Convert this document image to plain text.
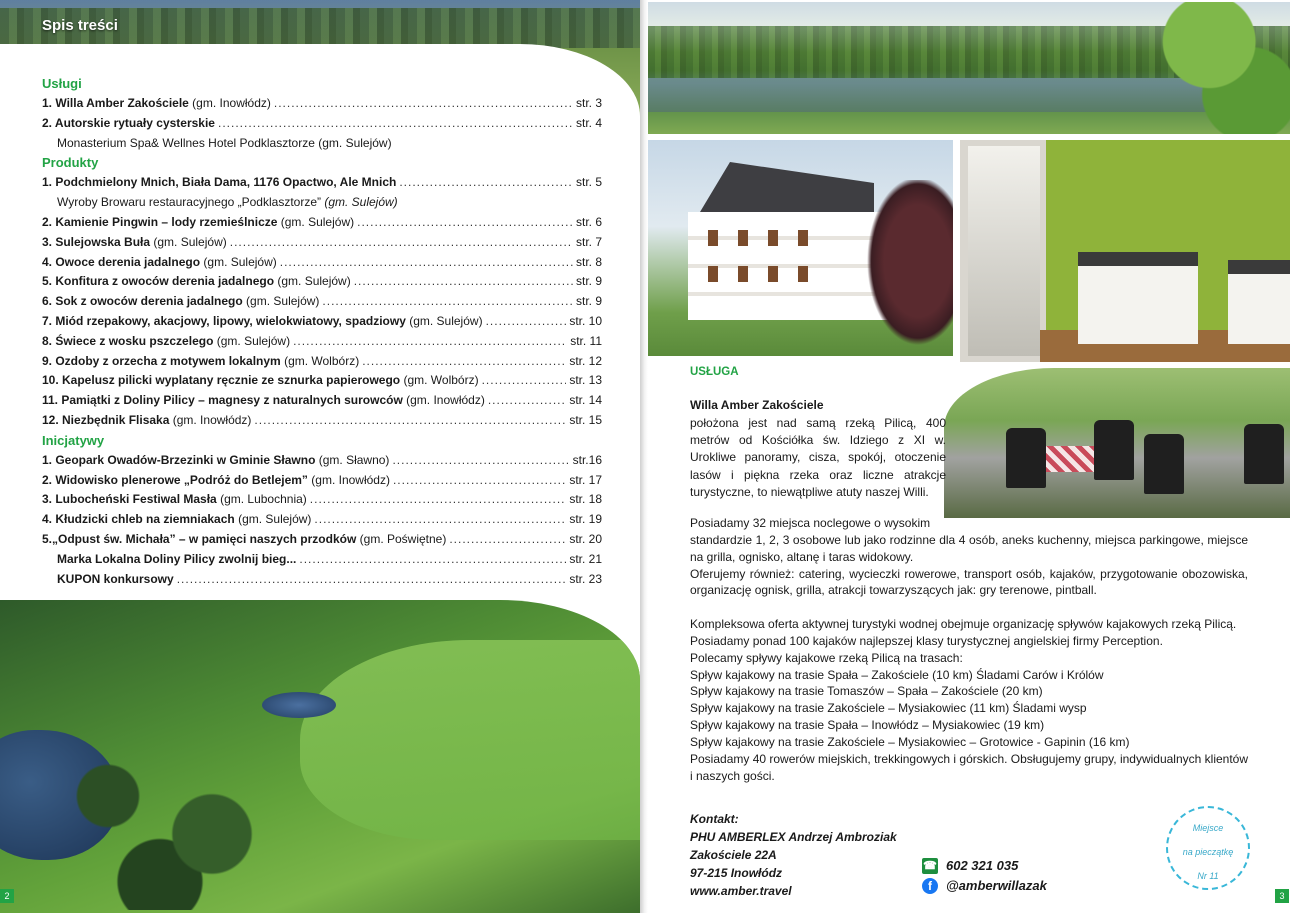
Spis treści
Usługi
1. Willa Amber Zakościele (gm. Inowłódz) .....	str. 3
2. Autorskie rytuały cysterskie .....	str. 4
Monasterium Spa& Wellnes Hotel Podklasztorze (gm. Sulejów)
Produkty
1. Podchmielony Mnich, Biała Dama, 1176 Opactwo, Ale Mnich .....	str. 5
Wyroby Browaru restauracyjnego „Podklasztorze” (gm. Sulejów)
2. Kamienie Pingwin – lody rzemieślnicze (gm. Sulejów) .....	str. 6
3. Sulejowska Buła (gm. Sulejów) .....	str. 7
4. Owoce derenia jadalnego (gm. Sulejów) .....	str. 8
5. Konfitura z owoców derenia jadalnego (gm. Sulejów) .....	str. 9
6. Sok z owoców derenia jadalnego (gm. Sulejów) .....	str. 9
7. Miód rzepakowy, akacjowy, lipowy, wielokwiatowy, spadziowy (gm. Sulejów) .....	str. 10
8. Świece z wosku pszczelego (gm. Sulejów) .....	str. 11
9. Ozdoby z orzecha z motywem lokalnym (gm. Wolbórz) .....	str. 12
10. Kapelusz pilicki wyplatany ręcznie ze sznurka papierowego (gm. Wolbórz) .....	str. 13
11. Pamiątki z Doliny Pilicy – magnesy z naturalnych surowców (gm. Inowłódz) .....	str. 14
12. Niezbędnik Flisaka (gm. Inowłódz) .....	str. 15
Inicjatywy
1. Geopark Owadów-Brzezinki w Gminie Sławno (gm. Sławno) .....	str.16
2. Widowisko plenerowe „Podróż do Betlejem” (gm. Inowłódz) .....	str. 17
3. Lubocheński Festiwal Masła (gm. Lubochnia) .....	str. 18
4. Kłudzicki chleb na ziemniakach (gm. Sulejów) .....	str. 19
5.„Odpust św. Michała” – w pamięci naszych przodków (gm. Poświętne) .....	str. 20
Marka Lokalna Doliny Pilicy zwolnij bieg... .....	str. 21
KUPON konkursowy .....	str. 23
2
USŁUGA
Willa Amber Zakościele
położona jest nad samą rzeką Pilicą, 400 metrów od Kościółka św. Idziego z XI w. Urokliwe panoramy, cisza, spokój, otoczenie lasów i piękna rzeka oraz liczne atrakcje turystyczne, to niewątpliwe atuty naszej Willi.

Posiadamy 32 miejsca noclegowe o wysokim

standardzie 1, 2, 3 osobowe lub jako rodzinne dla 4 osób, aneks kuchenny, miejsca parkingowe, miejsce na grilla, ognisko, altanę i taras widokowy.

Oferujemy również: catering, wycieczki rowerowe, transport osób, kajaków, przygotowanie obozowiska, organizację ognisk, grilla, atrakcji towarzyszących jak: gry terenowe, pintball.

Kompleksowa oferta aktywnej turystyki wodnej obejmuje organizację spływów kajakowych rzeką Pilicą.

Posiadamy ponad 100 kajaków najlepszej klasy turystycznej angielskiej firmy Perception.

Polecamy spływy kajakowe rzeką Pilicą na trasach:

Spływ kajakowy na trasie Spała – Zakościele (10 km) Śladami Carów i Królów

Spływ kajakowy na trasie Tomaszów – Spała – Zakościele (20 km)

Spływ kajakowy na trasie Zakościele – Mysiakowiec (11 km) Śladami wysp

Spływ kajakowy na trasie Spała – Inowłódz – Mysiakowiec (19 km)

Spływ kajakowy na trasie Zakościele – Mysiakowiec – Grotowice - Gapinin (16 km)

Posiadamy 40 rowerów miejskich, trekkingowych i górskich. Obsługujemy grupy, indywidualnych klientów i naszych gości.

Kontakt:
PHU AMBERLEX Andrzej Ambroziak
Zakościele 22A
97-215 Inowłódz
www.amber.travel
☎ 602 321 035
f	@amberwillazak
Miejsce
na pieczątkę
Nr 11
3
